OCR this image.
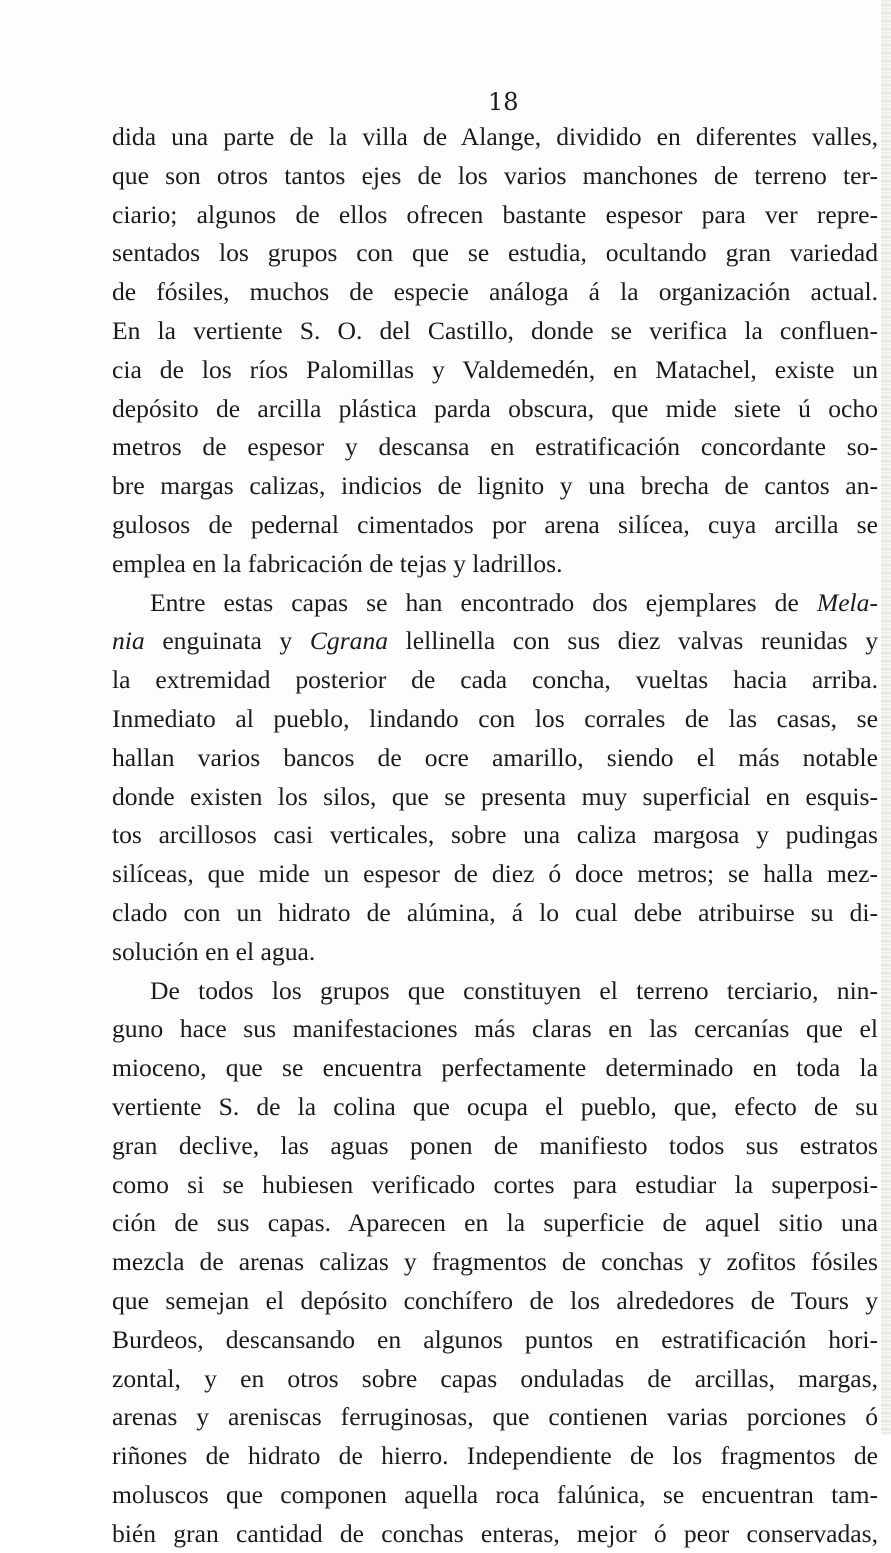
18
dida una parte de la villa de Alange, dividido en diferentes valles,
que son otros tantos ejes de los varios manchones de terreno ter-
ciario; algunos de ellos ofrecen bastante espesor para ver repre-
sentados los grupos con que se estudia, ocultando gran variedad
de fósiles, muchos de especie análoga á la organización actual.
En la vertiente S. O. del Castillo, donde se verifica la confluen-
cia de los ríos Palomillas y Valdemedén, en Matachel, existe un
depósito de arcilla plástica parda obscura, que mide siete ú ocho
metros de espesor y descansa en estratificación concordante so-
bre margas calizas, indicios de lignito y una brecha de cantos an-
gulosos de pedernal cimentados por arena silícea, cuya arcilla se
emplea en la fabricación de tejas y ladrillos.
Entre estas capas se han encontrado dos ejemplares de Mela-
nia enguinata y Cgrana lellinella con sus diez valvas reunidas y
la extremidad posterior de cada concha, vueltas hacia arriba.
Inmediato al pueblo, lindando con los corrales de las casas, se
hallan varios bancos de ocre amarillo, siendo el más notable
donde existen los silos, que se presenta muy superficial en esquis-
tos arcillosos casi verticales, sobre una caliza margosa y pudingas
silíceas, que mide un espesor de diez ó doce metros; se halla mez-
clado con un hidrato de alúmina, á lo cual debe atribuirse su di-
solución en el agua.
De todos los grupos que constituyen el terreno terciario, nin-
guno hace sus manifestaciones más claras en las cercanías que el
mioceno, que se encuentra perfectamente determinado en toda la
vertiente S. de la colina que ocupa el pueblo, que, efecto de su
gran declive, las aguas ponen de manifiesto todos sus estratos
como si se hubiesen verificado cortes para estudiar la superposi-
ción de sus capas. Aparecen en la superficie de aquel sitio una
mezcla de arenas calizas y fragmentos de conchas y zofitos fósiles
que semejan el depósito conchífero de los alrededores de Tours y
Burdeos, descansando en algunos puntos en estratificación hori-
zontal, y en otros sobre capas onduladas de arcillas, margas,
arenas y areniscas ferruginosas, que contienen varias porciones ó
riñones de hidrato de hierro. Independiente de los fragmentos de
moluscos que componen aquella roca falúnica, se encuentran tam-
bién gran cantidad de conchas enteras, mejor ó peor conservadas,
